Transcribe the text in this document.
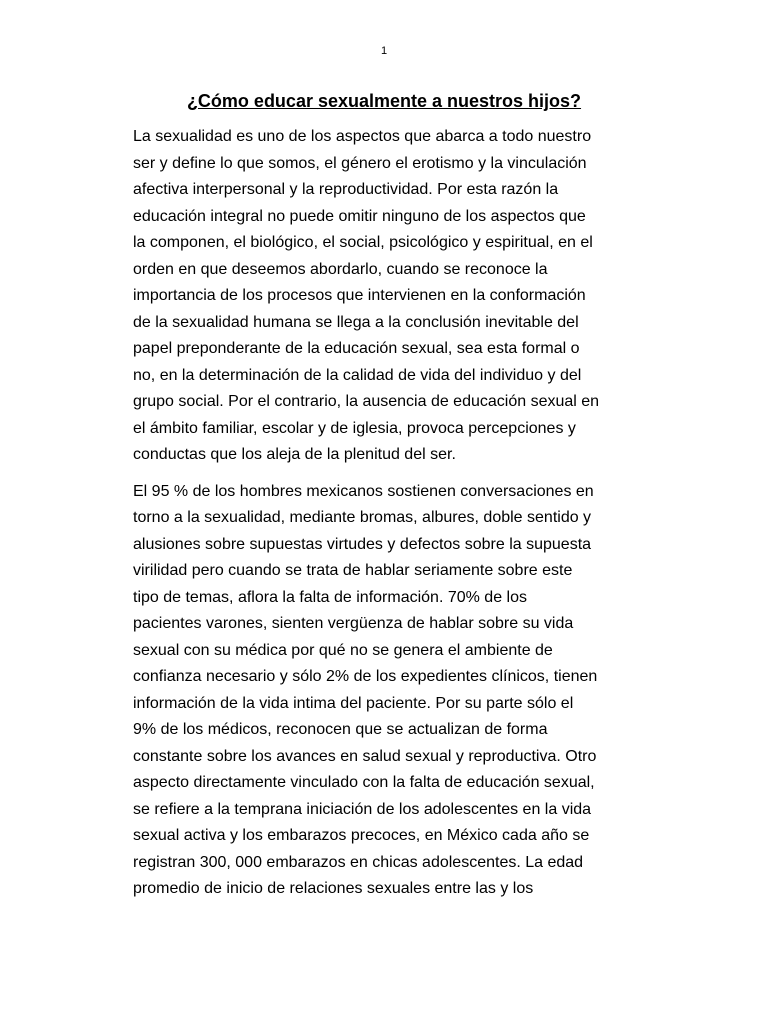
1
¿Cómo educar sexualmente a nuestros hijos?

La sexualidad es uno de los aspectos que abarca a todo nuestro
ser y define lo que somos, el género el erotismo y la vinculación
afectiva interpersonal y la reproductividad. Por esta razón la
educación integral no puede omitir ninguno de los aspectos que
la componen, el biológico, el social, psicológico y espiritual, en el
orden en que deseemos abordarlo, cuando se reconoce la
importancia de los procesos que intervienen en la conformación
de la sexualidad humana se llega a la conclusión inevitable del
papel preponderante de la educación sexual, sea esta formal o
no, en la determinación de la calidad de vida del individuo y del
grupo social. Por el contrario, la ausencia de educación sexual en
el ámbito familiar, escolar y de iglesia, provoca percepciones y
conductas que los aleja de la plenitud del ser.

El 95 % de los hombres mexicanos sostienen conversaciones en
torno a la sexualidad, mediante bromas, albures, doble sentido y
alusiones sobre supuestas virtudes y defectos sobre la supuesta
virilidad pero cuando se trata de hablar seriamente sobre este
tipo de temas, aflora la falta de información. 70% de los
pacientes varones, sienten vergüenza de hablar sobre su vida
sexual con su médica por qué no se genera el ambiente de
confianza necesario y sólo 2% de los expedientes clínicos, tienen
información de la vida intima del paciente. Por su parte sólo el
9% de los médicos, reconocen que se actualizan de forma
constante sobre los avances en salud sexual y reproductiva. Otro
aspecto directamente vinculado con la falta de educación sexual,
se refiere a la temprana iniciación de los adolescentes en la vida
sexual activa y los embarazos precoces, en México cada año se
registran 300, 000 embarazos en chicas adolescentes. La edad
promedio de inicio de relaciones sexuales entre las y los
